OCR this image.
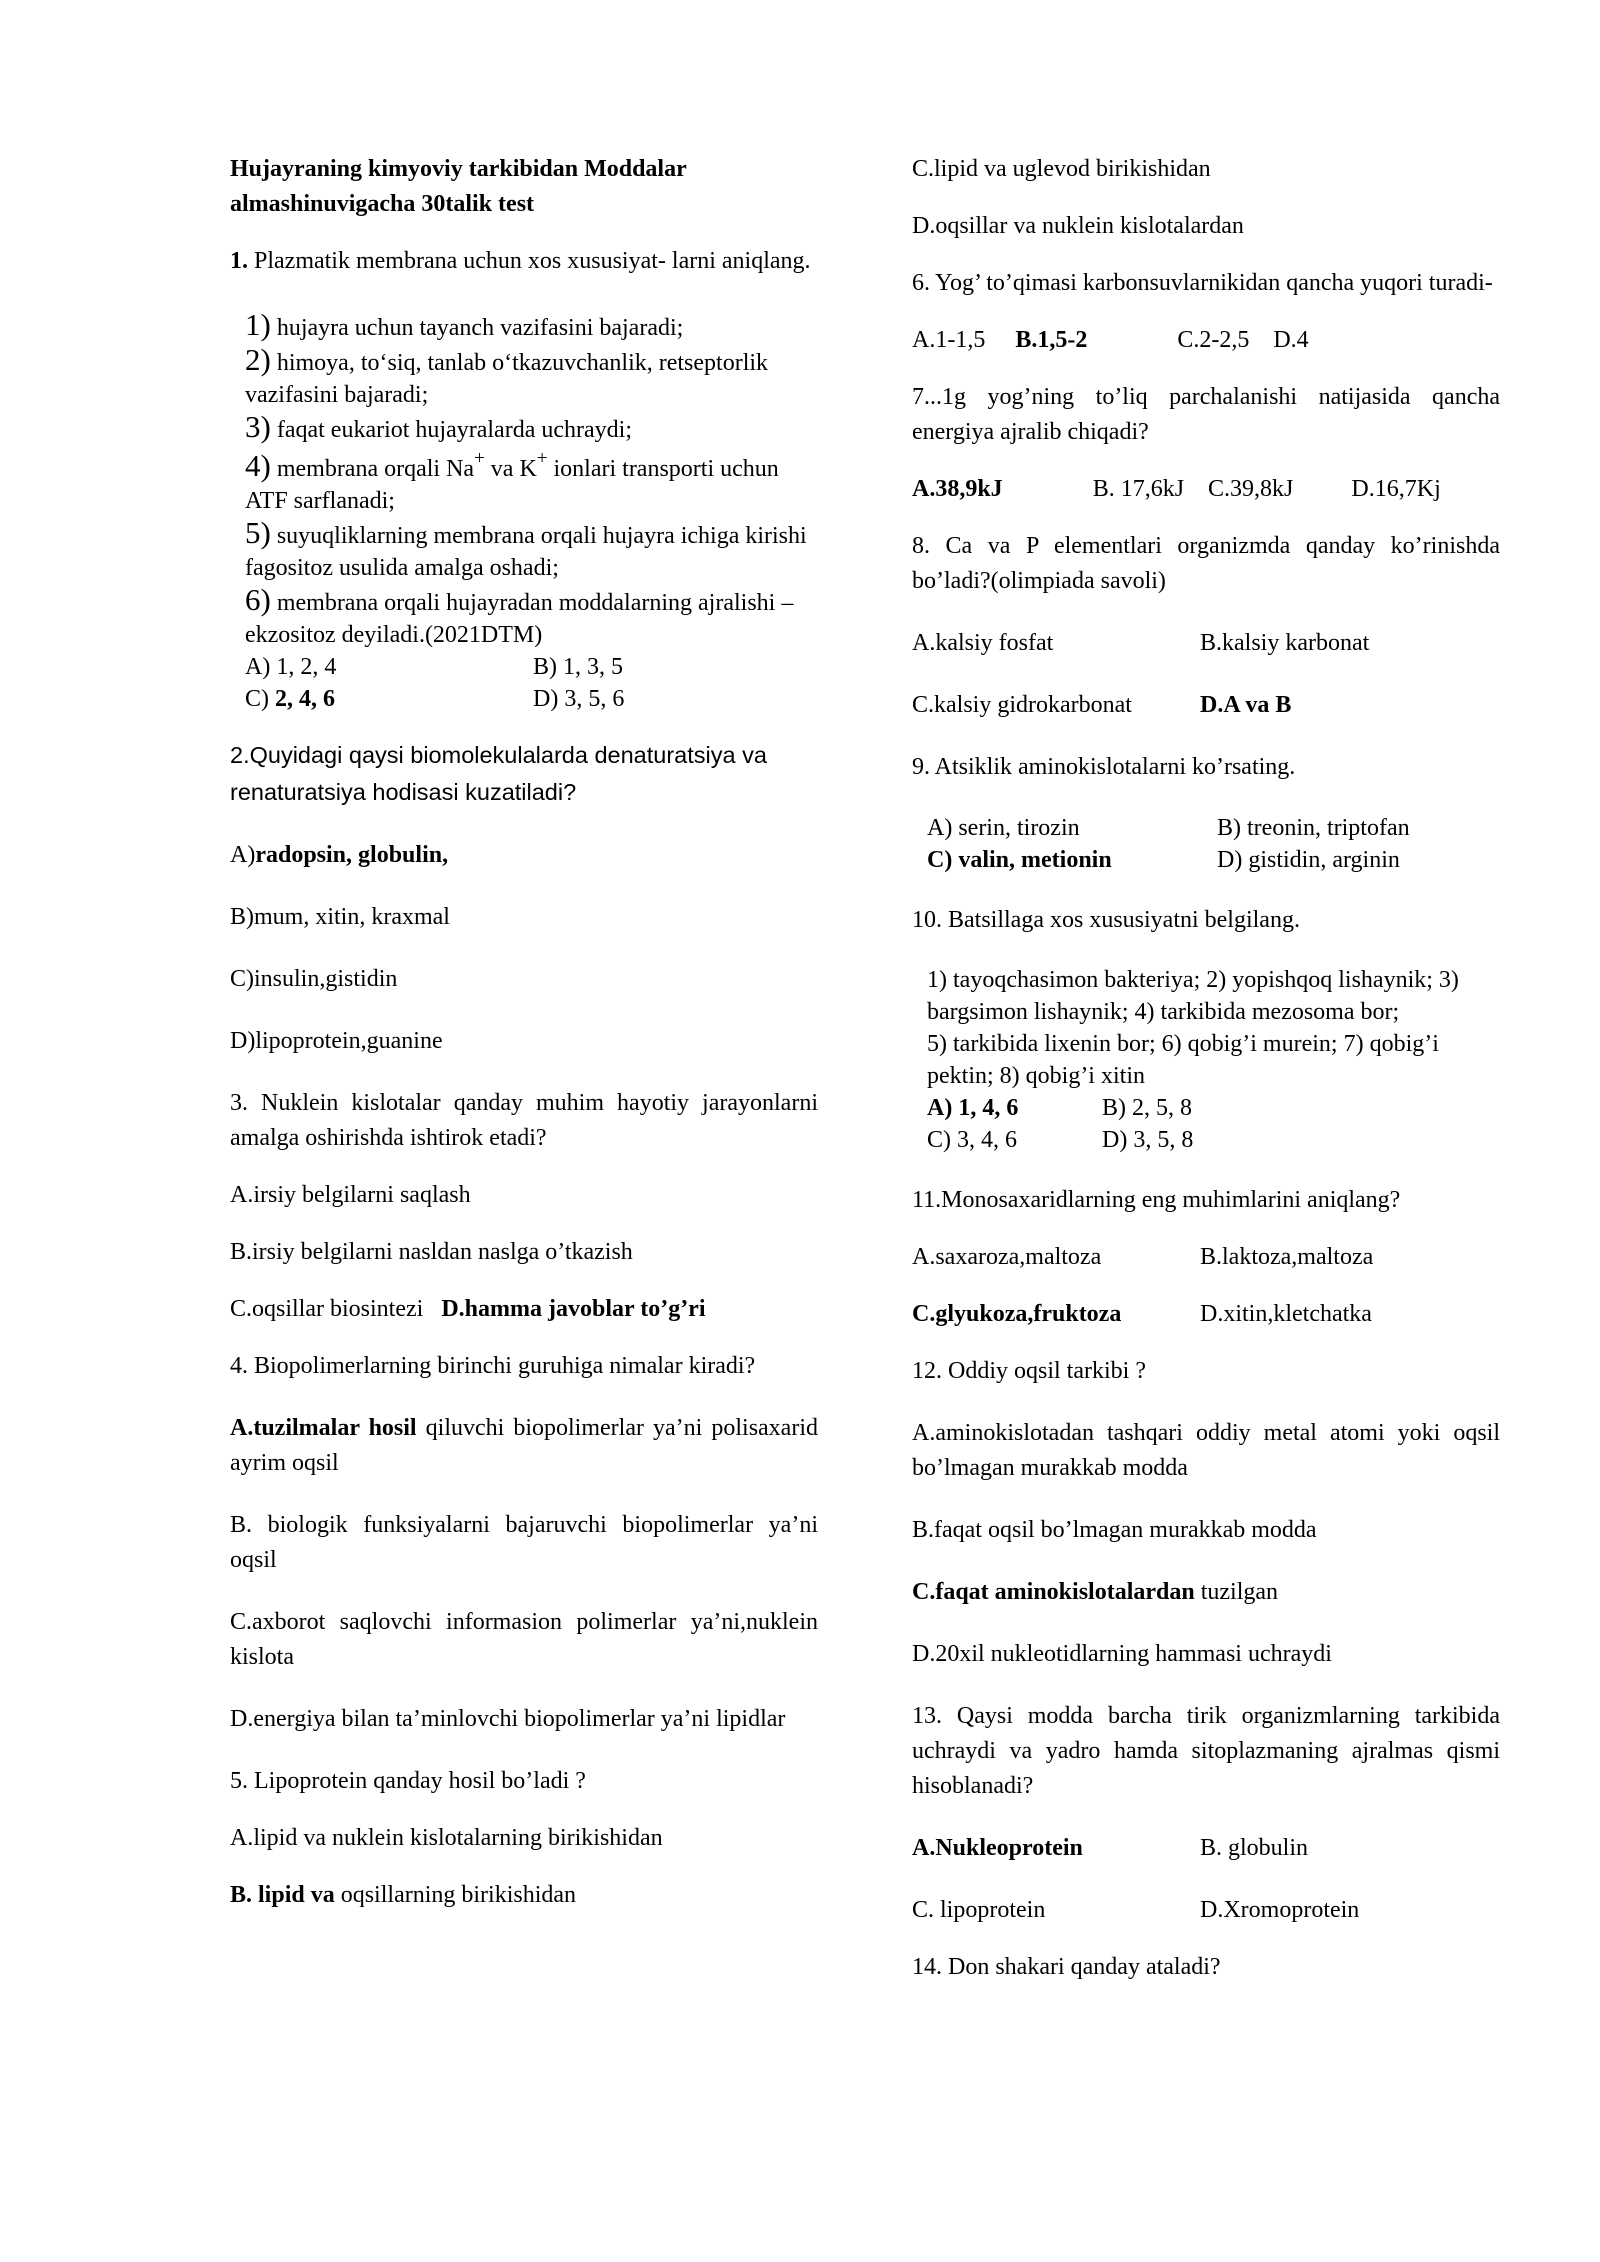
Hujayraning kimyoviy tarkibidan Moddalar

almashinuvigacha 30talik test

1. Plazmatik membrana uchun xos xususiyat- larni aniqlang.

1) hujayra uchun tayanch vazifasini bajaradi;

2) himoya, to‘siq, tanlab o‘tkazuvchanlik, retseptorlik vazifasini bajaradi;

3) faqat eukariot hujayralarda uchraydi;

4) membrana orqali Na+ va K+ ionlari transporti uchun ATF sarflanadi;

5) suyuqliklarning membrana orqali hujayra ichiga kirishi fagositoz usulida amalga oshadi;

6) membrana orqali hujayradan moddalarning ajralishi – ekzositoz deyiladi.(2021DTM)

A) 1, 2, 4	B) 1, 3, 5

C) 2, 4, 6	D) 3, 5, 6

2.Quyidagi qaysi biomolekulalarda denaturatsiya va renaturatsiya hodisasi kuzatiladi?

A)radopsin, globulin,

B)mum, xitin, kraxmal

C)insulin,gistidin

D)lipoprotein,guanine

3. Nuklein kislotalar qanday muhim hayotiy jarayonlarni amalga oshirishda ishtirok etadi?

A.irsiy belgilarni saqlash

B.irsiy belgilarni nasldan naslga o’tkazish

C.oqsillar biosintezi D.hamma javoblar to’g’ri

4. Biopolimerlarning birinchi guruhiga nimalar kiradi?

A.tuzilmalar hosil qiluvchi biopolimerlar ya’ni polisaxarid ayrim oqsil

B. biologik funksiyalarni bajaruvchi biopolimerlar ya’ni oqsil

C.axborot saqlovchi informasion polimerlar ya’ni,nuklein kislota

D.energiya bilan ta’minlovchi biopolimerlar ya’ni lipidlar

5. Lipoprotein qanday hosil bo’ladi ?

A.lipid va nuklein kislotalarning birikishidan

B. lipid va oqsillarning birikishidan

C.lipid va uglevod birikishidan

D.oqsillar va nuklein kislotalardan

6. Yog’ to’qimasi karbonsuvlarnikidan qancha yuqori turadi-

A.1-1,5 B.1,5-2	C.2-2,5 D.4

7...1g yog’ning to’liq parchalanishi natijasida qancha energiya ajralib chiqadi?

A.38,9kJ	B. 17,6kJ C.39,8kJ D.16,7Kj

8. Ca va P elementlari organizmda qanday ko’rinishda bo’ladi?(olimpiada savoli)

A.kalsiy fosfat	B.kalsiy karbonat

C.kalsiy gidrokarbonat	D.A va B

9. Atsiklik aminokislotalarni ko’rsating.

A) serin, tirozin	B) treonin, triptofan

C) valin, metionin	D) gistidin, arginin

10. Batsillaga xos xususiyatni belgilang.

1) tayoqchasimon bakteriya; 2) yopishqoq lishaynik; 3) bargsimon lishaynik; 4) tarkibida mezosoma bor;

5) tarkibida lixenin bor; 6) qobig’i murein; 7) qobig’i pektin; 8) qobig’i xitin

A) 1, 4, 6	B) 2, 5, 8

C) 3, 4, 6	D) 3, 5, 8

11.Monosaxaridlarning eng muhimlarini aniqlang?

A.saxaroza,maltoza	B.laktoza,maltoza

C.glyukoza,fruktoza	D.xitin,kletchatka

12. Oddiy oqsil tarkibi ?

A.aminokislotadan tashqari oddiy metal atomi yoki oqsil bo’lmagan murakkab modda

B.faqat oqsil bo’lmagan murakkab modda

C.faqat aminokislotalardan tuzilgan

D.20xil nukleotidlarning hammasi uchraydi

13. Qaysi modda barcha tirik organizmlarning tarkibida uchraydi va yadro hamda sitoplazmaning ajralmas qismi hisoblanadi?

A.Nukleoprotein	B. globulin

C. lipoprotein	D.Xromoprotein

14. Don shakari qanday ataladi?
